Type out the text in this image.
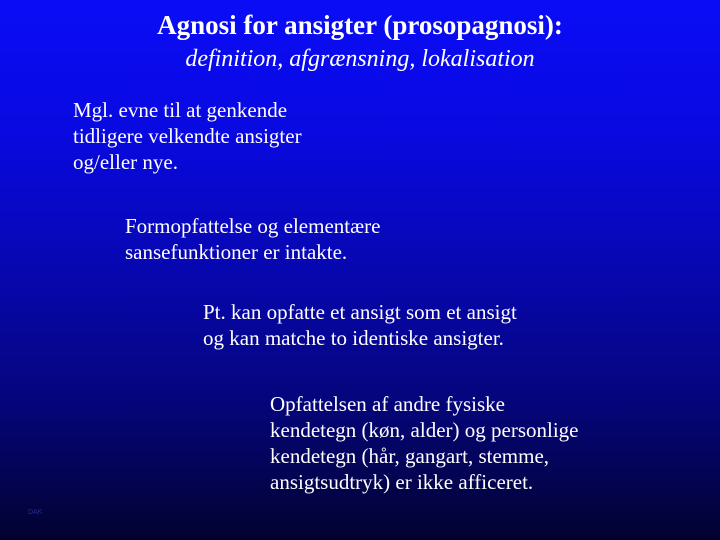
Agnosi for ansigter (prosopagnosi):
definition, afgrænsning, lokalisation
Mgl. evne til at genkende
tidligere velkendte ansigter
og/eller nye.
Formopfattelse og elementære
sansefunktioner er intakte.
Pt. kan opfatte et ansigt som et ansigt
og kan matche to identiske ansigter.
Opfattelsen af andre fysiske
kendetegn (køn, alder) og personlige
kendetegn (hår, gangart, stemme,
ansigtsudtryk) er ikke afficeret.
DAK
